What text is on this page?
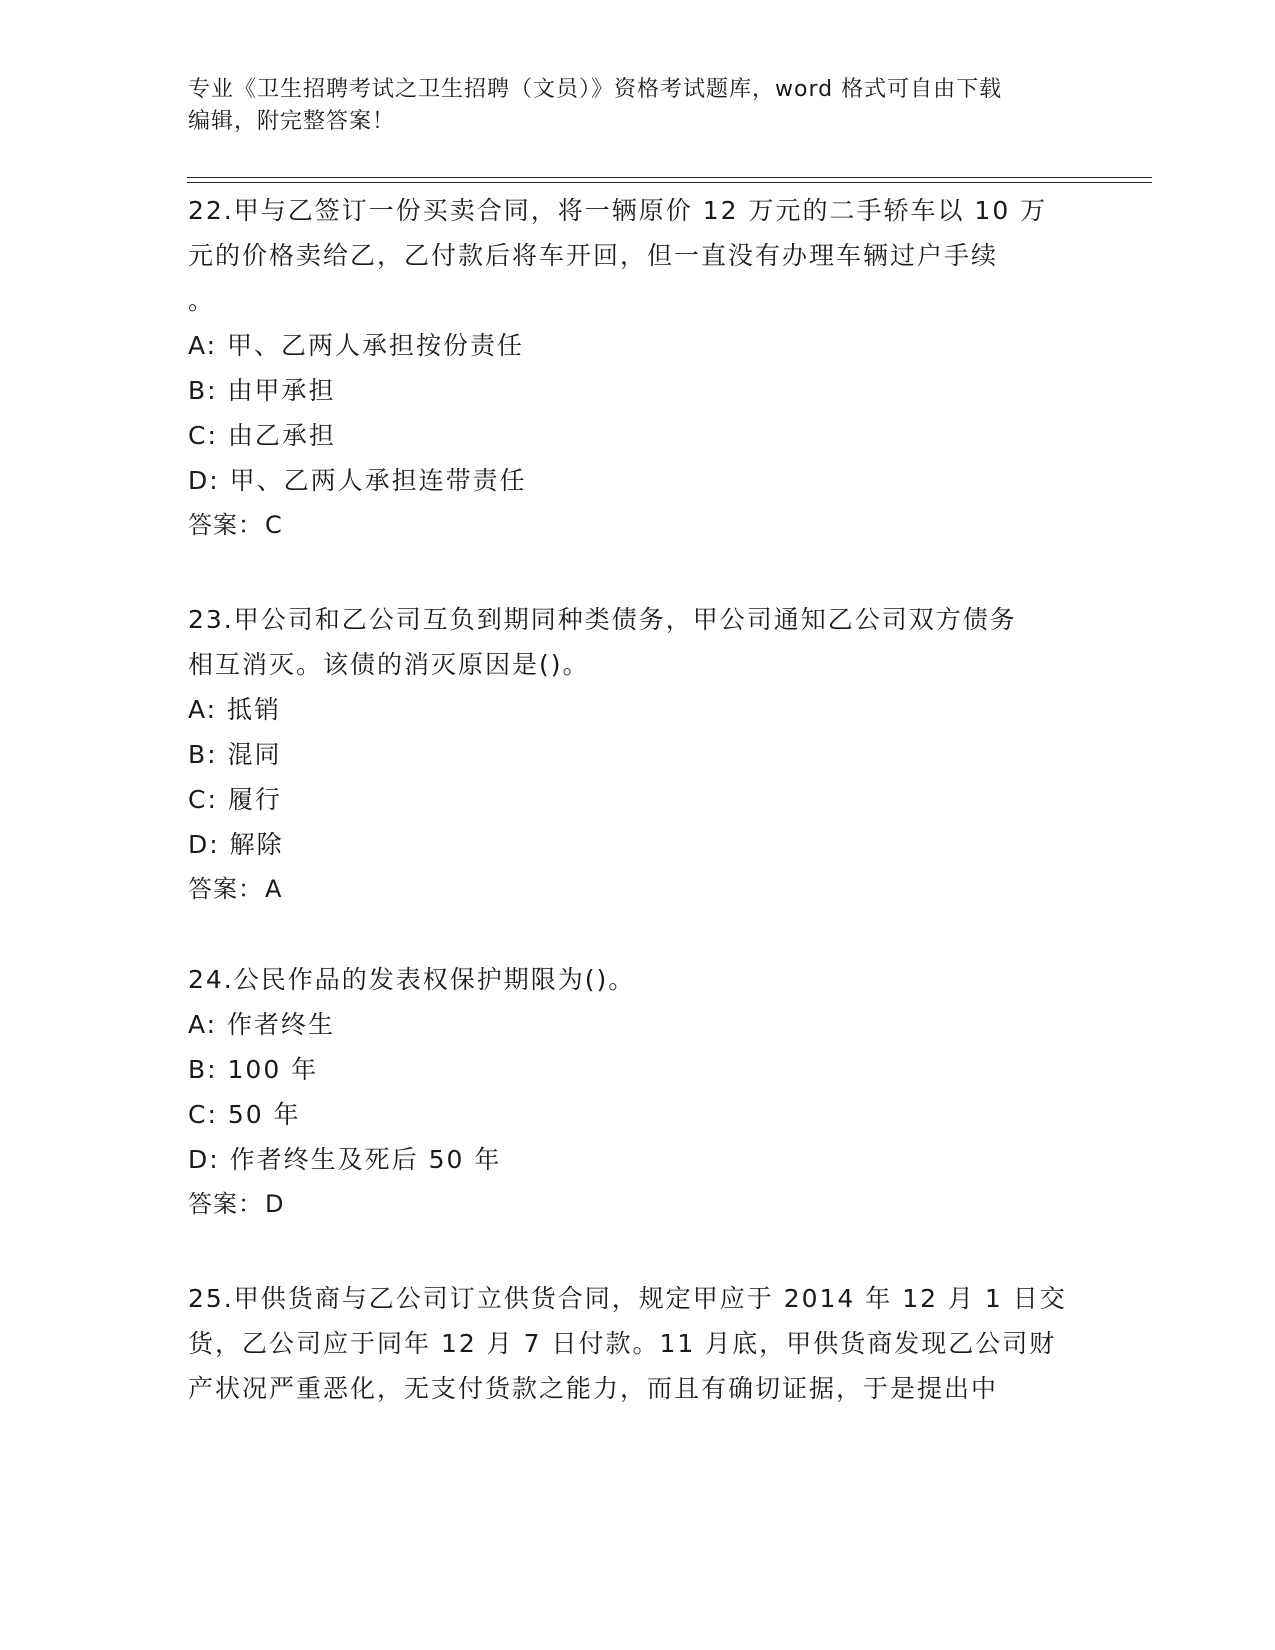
专业《卫生招聘考试之卫生招聘（文员）》资格考试题库，word 格式可自由下载
编辑，附完整答案！
22.甲与乙签订一份买卖合同，将一辆原价 12 万元的二手轿车以 10 万
元的价格卖给乙，乙付款后将车开回，但一直没有办理车辆过户手续
。
A: 甲、乙两人承担按份责任
B: 由甲承担
C: 由乙承担
D: 甲、乙两人承担连带责任
答案：C
23.甲公司和乙公司互负到期同种类债务，甲公司通知乙公司双方债务
相互消灭。该债的消灭原因是()。
A: 抵销
B: 混同
C: 履行
D: 解除
答案：A
24.公民作品的发表权保护期限为()。
A: 作者终生
B: 100 年
C: 50 年
D: 作者终生及死后 50 年
答案：D
25.甲供货商与乙公司订立供货合同，规定甲应于 2014 年 12 月 1 日交
货，乙公司应于同年 12 月 7 日付款。11 月底，甲供货商发现乙公司财
产状况严重恶化，无支付货款之能力，而且有确切证据，于是提出中
